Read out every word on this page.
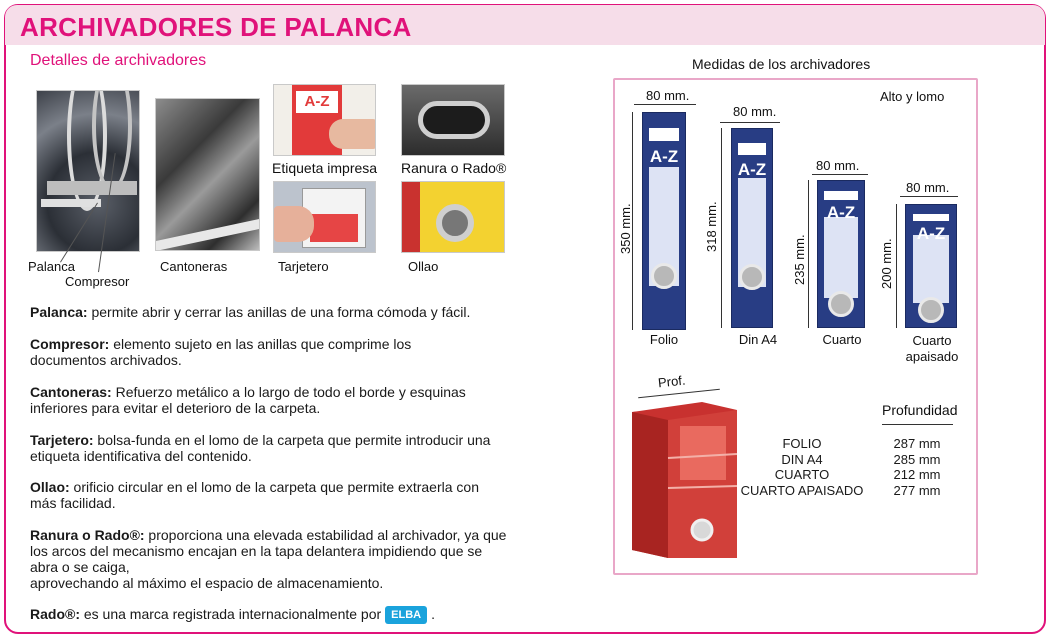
ARCHIVADORES DE PALANCA
Detalles de archivadores
Palanca
Compresor
Cantoneras
A-Z
Etiqueta impresa Ranura o Rado®
Tarjetero	Ollao
Palanca: permite abrir y cerrar las anillas de una forma cómoda y fácil.
Compresor: elemento sujeto en las anillas que comprime los documentos archivados.
Cantoneras: Refuerzo metálico a lo largo de todo el borde y esquinas inferiores para evitar el deterioro de la carpeta.
Tarjetero: bolsa-funda en el lomo de la carpeta que permite introducir una etiqueta identificativa del contenido.
Ollao: orificio circular en el lomo de la carpeta que permite extraerla con más facilidad.
Ranura o Rado®: proporciona una elevada estabilidad al archivador, ya que los arcos del mecanismo encajan en la tapa delantera impidiendo que se abra o se caiga,
aprovechando al máximo el espacio de almacenamiento.
Rado®: es una marca registrada internacionalmente por ELBA .
Medidas de los archivadores
Alto y lomo
80 mm.
350 mm.
A-Z
Folio
80 mm.
318 mm.
A-Z
Din A4
80 mm.
235 mm.
A-Z
Cuarto
80 mm.
200 mm.
A-Z
Cuarto apaisado
Prof.
Profundidad
FOLIO
DIN A4
CUARTO
CUARTO APAISADO
287 mm
285 mm
212 mm
277 mm
